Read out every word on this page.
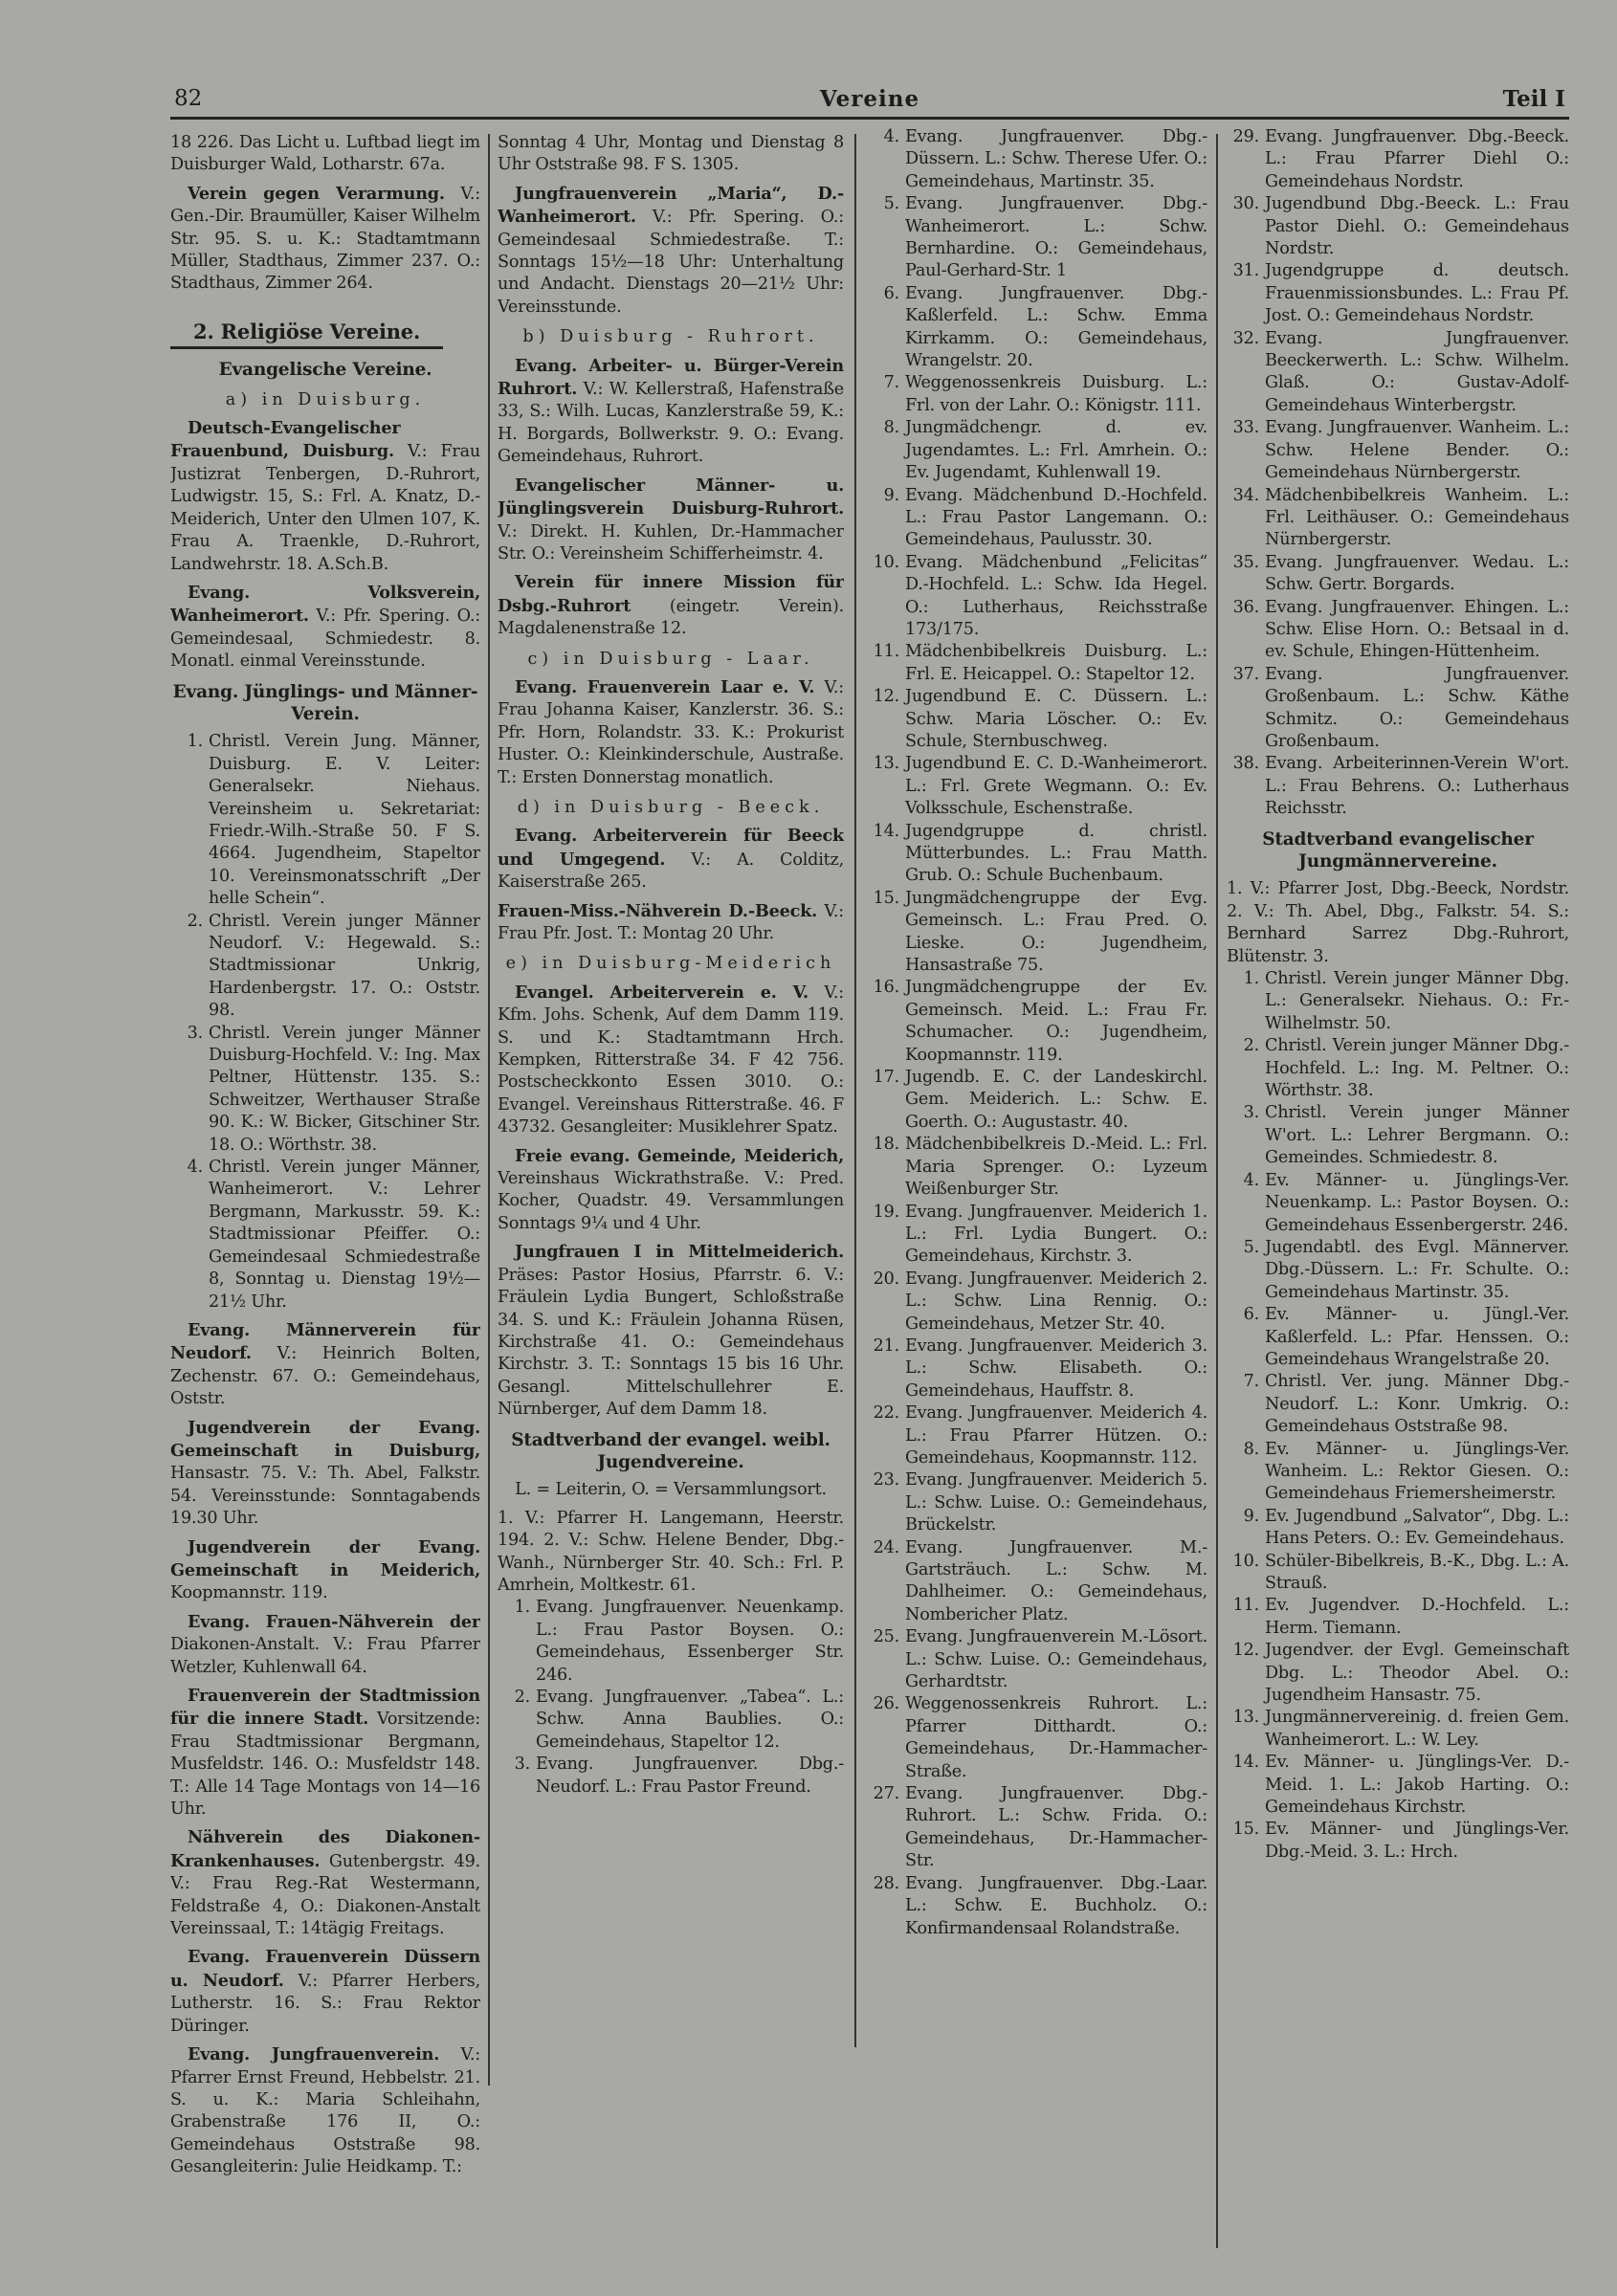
82	Vereine	Teil I
18 226. Das Licht u. Luftbad liegt im Duisburger Wald, Lotharstr. 67a.

Verein gegen Verarmung. V.: Gen.-Dir. Braumüller, Kaiser Wilhelm Str. 95. S. u. K.: Stadtamtmann Müller, Stadthaus, Zimmer 237. O.: Stadthaus, Zimmer 264.

2. Religiöse Vereine.
Evangelische Vereine.
a) in Duisburg.

Deutsch-Evangelischer Frauenbund, Duisburg. V.: Frau Justizrat Tenbergen, D.-Ruhrort, Ludwigstr. 15, S.: Frl. A. Knatz, D.-Meiderich, Unter den Ulmen 107, K. Frau A. Traenkle, D.-Ruhrort, Landwehrstr. 18. A.Sch.B.

Evang. Volksverein, Wanheimerort. V.: Pfr. Spering. O.: Gemeindesaal, Schmiedestr. 8. Monatl. einmal Vereinsstunde.

Evang. Jünglings- und Männer-Verein.
1. Christl. Verein Jung. Männer, Duisburg. E. V. Leiter: Generalsekr. Niehaus. Vereinsheim u. Sekretariat: Friedr.-Wilh.-Straße 50. F S. 4664. Jugendheim, Stapeltor 10. Vereinsmonatsschrift „Der helle Schein“.
2. Christl. Verein junger Männer Neudorf. V.: Hegewald. S.: Stadtmissionar Unkrig, Hardenbergstr. 17. O.: Oststr. 98.
3. Christl. Verein junger Männer Duisburg-Hochfeld. V.: Ing. Max Peltner, Hüttenstr. 135. S.: Schweitzer, Werthauser Straße 90. K.: W. Bicker, Gitschiner Str. 18. O.: Wörthstr. 38.
4. Christl. Verein junger Männer, Wanheimerort. V.: Lehrer Bergmann, Markusstr. 59. K.: Stadtmissionar Pfeiffer. O.: Gemeindesaal Schmiedestraße 8, Sonntag u. Dienstag 19½—21½ Uhr.

Evang. Männerverein für Neudorf. V.: Heinrich Bolten, Zechenstr. 67. O.: Gemeindehaus, Oststr.

Jugendverein der Evang. Gemeinschaft in Duisburg, Hansastr. 75. V.: Th. Abel, Falkstr. 54. Vereinsstunde: Sonntagabends 19.30 Uhr.

Jugendverein der Evang. Gemeinschaft in Meiderich, Koopmannstr. 119.

Evang. Frauen-Nähverein der Diakonen-Anstalt. V.: Frau Pfarrer Wetzler, Kuhlenwall 64.

Frauenverein der Stadtmission für die innere Stadt. Vorsitzende: Frau Stadtmissionar Bergmann, Musfeldstr. 146. O.: Musfeldstr 148. T.: Alle 14 Tage Montags von 14—16 Uhr.

Nähverein des Diakonen-Krankenhauses. Gutenbergstr. 49. V.: Frau Reg.-Rat Westermann, Feldstraße 4, O.: Diakonen-Anstalt Vereinssaal, T.: 14tägig Freitags.

Evang. Frauenverein Düssern u. Neudorf. V.: Pfarrer Herbers, Lutherstr. 16. S.: Frau Rektor Düringer.

Evang. Jungfrauenverein. V.: Pfarrer Ernst Freund, Hebbelstr. 21. S. u. K.: Maria Schleihahn, Grabenstraße 176 II, O.: Gemeindehaus Oststraße 98. Gesangleiterin: Julie Heidkamp. T.:

Sonntag 4 Uhr, Montag und Dienstag 8 Uhr Oststraße 98. F S. 1305.

Jungfrauenverein „Maria“, D.-Wanheimerort. V.: Pfr. Spering. O.: Gemeindesaal Schmiedestraße. T.: Sonntags 15½—18 Uhr: Unterhaltung und Andacht. Dienstags 20—21½ Uhr: Vereinsstunde.

b) Duisburg - Ruhrort.

Evang. Arbeiter- u. Bürger-Verein Ruhrort. V.: W. Kellerstraß, Hafenstraße 33, S.: Wilh. Lucas, Kanzlerstraße 59, K.: H. Borgards, Bollwerkstr. 9. O.: Evang. Gemeindehaus, Ruhrort.

Evangelischer Männer- u. Jünglingsverein Duisburg-Ruhrort. V.: Direkt. H. Kuhlen, Dr.-Hammacher Str. O.: Vereinsheim Schifferheimstr. 4.

Verein für innere Mission für Dsbg.-Ruhrort (eingetr. Verein). Magdalenenstraße 12.

c) in Duisburg - Laar.

Evang. Frauenverein Laar e. V. V.: Frau Johanna Kaiser, Kanzlerstr. 36. S.: Pfr. Horn, Rolandstr. 33. K.: Prokurist Huster. O.: Kleinkinderschule, Austraße. T.: Ersten Donnerstag monatlich.

d) in Duisburg - Beeck.

Evang. Arbeiterverein für Beeck und Umgegend. V.: A. Colditz, Kaiserstraße 265.

Frauen-Miss.-Nähverein D.-Beeck. V.: Frau Pfr. Jost. T.: Montag 20 Uhr.

e) in Duisburg-Meiderich

Evangel. Arbeiterverein e. V. V.: Kfm. Johs. Schenk, Auf dem Damm 119. S. und K.: Stadtamtmann Hrch. Kempken, Ritterstraße 34. F 42 756. Postscheckkonto Essen 3010. O.: Evangel. Vereinshaus Ritterstraße. 46. F 43732. Gesangleiter: Musiklehrer Spatz.

Freie evang. Gemeinde, Meiderich, Vereinshaus Wickrathstraße. V.: Pred. Kocher, Quadstr. 49. Versammlungen Sonntags 9¼ und 4 Uhr.

Jungfrauen I in Mittelmeiderich. Präses: Pastor Hosius, Pfarrstr. 6. V.: Fräulein Lydia Bungert, Schloßstraße 34. S. und K.: Fräulein Johanna Rüsen, Kirchstraße 41. O.: Gemeindehaus Kirchstr. 3. T.: Sonntags 15 bis 16 Uhr. Gesangl. Mittelschullehrer E. Nürnberger, Auf dem Damm 18.

Stadtverband der evangel. weibl. Jugendvereine.
L. = Leiterin, O. = Versammlungsort.
1. V.: Pfarrer H. Langemann, Heerstr. 194. 2. V.: Schw. Helene Bender, Dbg.-Wanh., Nürnberger Str. 40. Sch.: Frl. P. Amrhein, Moltkestr. 61.
1. Evang. Jungfrauenver. Neuenkamp. L.: Frau Pastor Boysen. O.: Gemeindehaus, Essenberger Str. 246.
2. Evang. Jungfrauenver. „Tabea“. L.: Schw. Anna Baublies. O.: Gemeindehaus, Stapeltor 12.
3. Evang. Jungfrauenver. Dbg.-Neudorf. L.: Frau Pastor Freund.
4. Evang. Jungfrauenver. Dbg.-Düssern. L.: Schw. Therese Ufer. O.: Gemeindehaus, Martinstr. 35.
5. Evang. Jungfrauenver. Dbg.-Wanheimerort. L.: Schw. Bernhardine. O.: Gemeindehaus, Paul-Gerhard-Str. 1
6. Evang. Jungfrauenver. Dbg.-Kaßlerfeld. L.: Schw. Emma Kirrkamm. O.: Gemeindehaus, Wrangelstr. 20.
7. Weggenossenkreis Duisburg. L.: Frl. von der Lahr. O.: Königstr. 111.
8. Jungmädchengr. d. ev. Jugendamtes. L.: Frl. Amrhein. O.: Ev. Jugendamt, Kuhlenwall 19.
9. Evang. Mädchenbund D.-Hochfeld. L.: Frau Pastor Langemann. O.: Gemeindehaus, Paulusstr. 30.
10. Evang. Mädchenbund „Felicitas“ D.-Hochfeld. L.: Schw. Ida Hegel. O.: Lutherhaus, Reichsstraße 173/175.
11. Mädchenbibelkreis Duisburg. L.: Frl. E. Heicappel. O.: Stapeltor 12.
12. Jugendbund E. C. Düssern. L.: Schw. Maria Löscher. O.: Ev. Schule, Sternbuschweg.
13. Jugendbund E. C. D.-Wanheimerort. L.: Frl. Grete Wegmann. O.: Ev. Volksschule, Eschenstraße.
14. Jugendgruppe d. christl. Mütterbundes. L.: Frau Matth. Grub. O.: Schule Buchenbaum.
15. Jungmädchengruppe der Evg. Gemeinsch. L.: Frau Pred. O. Lieske. O.: Jugendheim, Hansastraße 75.
16. Jungmädchengruppe der Ev. Gemeinsch. Meid. L.: Frau Fr. Schumacher. O.: Jugendheim, Koopmannstr. 119.
17. Jugendb. E. C. der Landeskirchl. Gem. Meiderich. L.: Schw. E. Goerth. O.: Augustastr. 40.
18. Mädchenbibelkreis D.-Meid. L.: Frl. Maria Sprenger. O.: Lyzeum Weißenburger Str.
19. Evang. Jungfrauenver. Meiderich 1. L.: Frl. Lydia Bungert. O.: Gemeindehaus, Kirchstr. 3.
20. Evang. Jungfrauenver. Meiderich 2. L.: Schw. Lina Rennig. O.: Gemeindehaus, Metzer Str. 40.
21. Evang. Jungfrauenver. Meiderich 3. L.: Schw. Elisabeth. O.: Gemeindehaus, Hauffstr. 8.
22. Evang. Jungfrauenver. Meiderich 4. L.: Frau Pfarrer Hützen. O.: Gemeindehaus, Koopmannstr. 112.
23. Evang. Jungfrauenver. Meiderich 5. L.: Schw. Luise. O.: Gemeindehaus, Brückelstr.
24. Evang. Jungfrauenver. M.-Gartsträuch. L.: Schw. M. Dahlheimer. O.: Gemeindehaus, Nombericher Platz.
25. Evang. Jungfrauenverein M.-Lösort. L.: Schw. Luise. O.: Gemeindehaus, Gerhardtstr.
26. Weggenossenkreis Ruhrort. L.: Pfarrer Ditthardt. O.: Gemeindehaus, Dr.-Hammacher-Straße.
27. Evang. Jungfrauenver. Dbg.-Ruhrort. L.: Schw. Frida. O.: Gemeindehaus, Dr.-Hammacher-Str.
28. Evang. Jungfrauenver. Dbg.-Laar. L.: Schw. E. Buchholz. O.: Konfirmandensaal Rolandstraße.
29. Evang. Jungfrauenver. Dbg.-Beeck. L.: Frau Pfarrer Diehl O.: Gemeindehaus Nordstr.
30. Jugendbund Dbg.-Beeck. L.: Frau Pastor Diehl. O.: Gemeindehaus Nordstr.
31. Jugendgruppe d. deutsch. Frauenmissionsbundes. L.: Frau Pf. Jost. O.: Gemeindehaus Nordstr.
32. Evang. Jungfrauenver. Beeckerwerth. L.: Schw. Wilhelm. Glaß. O.: Gustav-Adolf-Gemeindehaus Winterbergstr.
33. Evang. Jungfrauenver. Wanheim. L.: Schw. Helene Bender. O.: Gemeindehaus Nürnbergerstr.
34. Mädchenbibelkreis Wanheim. L.: Frl. Leithäuser. O.: Gemeindehaus Nürnbergerstr.
35. Evang. Jungfrauenver. Wedau. L.: Schw. Gertr. Borgards.
36. Evang. Jungfrauenver. Ehingen. L.: Schw. Elise Horn. O.: Betsaal in d. ev. Schule, Ehingen-Hüttenheim.
37. Evang. Jungfrauenver. Großenbaum. L.: Schw. Käthe Schmitz. O.: Gemeindehaus Großenbaum.
38. Evang. Arbeiterinnen-Verein W'ort. L.: Frau Behrens. O.: Lutherhaus Reichsstr.
Stadtverband evangelischer Jungmännervereine.
1. V.: Pfarrer Jost, Dbg.-Beeck, Nordstr. 2. V.: Th. Abel, Dbg., Falkstr. 54. S.: Bernhard Sarrez Dbg.-Ruhrort, Blütenstr. 3.
1. Christl. Verein junger Männer Dbg. L.: Generalsekr. Niehaus. O.: Fr.-Wilhelmstr. 50.
2. Christl. Verein junger Männer Dbg.-Hochfeld. L.: Ing. M. Peltner. O.: Wörthstr. 38.
3. Christl. Verein junger Männer W'ort. L.: Lehrer Bergmann. O.: Gemeindes. Schmiedestr. 8.
4. Ev. Männer- u. Jünglings-Ver. Neuenkamp. L.: Pastor Boysen. O.: Gemeindehaus Essenbergerstr. 246.
5. Jugendabtl. des Evgl. Männerver. Dbg.-Düssern. L.: Fr. Schulte. O.: Gemeindehaus Martinstr. 35.
6. Ev. Männer- u. Jüngl.-Ver. Kaßlerfeld. L.: Pfar. Henssen. O.: Gemeindehaus Wrangelstraße 20.
7. Christl. Ver. jung. Männer Dbg.-Neudorf. L.: Konr. Umkrig. O.: Gemeindehaus Oststraße 98.
8. Ev. Männer- u. Jünglings-Ver. Wanheim. L.: Rektor Giesen. O.: Gemeindehaus Friemersheimerstr.
9. Ev. Jugendbund „Salvator“, Dbg. L.: Hans Peters. O.: Ev. Gemeindehaus.
10. Schüler-Bibelkreis, B.-K., Dbg. L.: A. Strauß.
11. Ev. Jugendver. D.-Hochfeld. L.: Herm. Tiemann.
12. Jugendver. der Evgl. Gemeinschaft Dbg. L.: Theodor Abel. O.: Jugendheim Hansastr. 75.
13. Jungmännervereinig. d. freien Gem. Wanheimerort. L.: W. Ley.
14. Ev. Männer- u. Jünglings-Ver. D.-Meid. 1. L.: Jakob Harting. O.: Gemeindehaus Kirchstr.
15. Ev. Männer- und Jünglings-Ver. Dbg.-Meid. 3. L.: Hrch.
